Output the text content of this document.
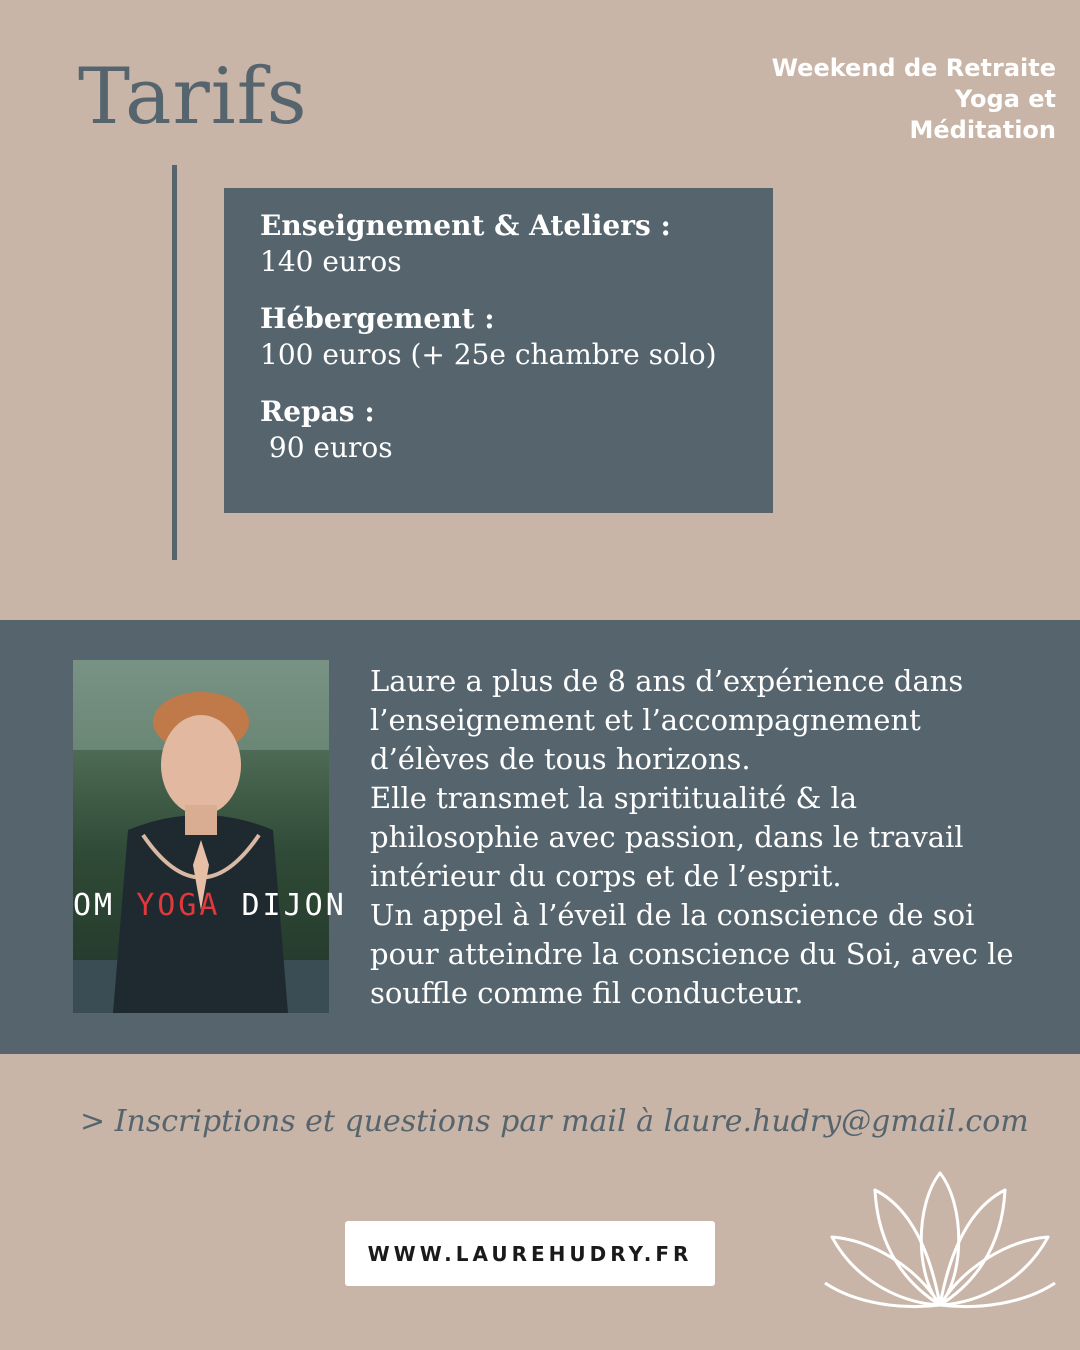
Tarifs	Weekend de Retraite
Yoga et
Méditation
Enseignement & Ateliers :
140 euros
Hébergement :
100 euros (+ 25e chambre solo)
Repas :
90 euros
OM YOGA DIJON
Laure a plus de 8 ans d’expérience dans
l’enseignement et l’accompagnement
d’élèves de tous horizons.
Elle transmet la sprititualité & la
philosophie avec passion, dans le travail
intérieur du corps et de l’esprit.
Un appel à l’éveil de la conscience de soi
pour atteindre la conscience du Soi, avec le
souffle comme fil conducteur.
> Inscriptions et questions par mail à laure.hudry@gmail.com
WWW.LAUREHUDRY.FR
